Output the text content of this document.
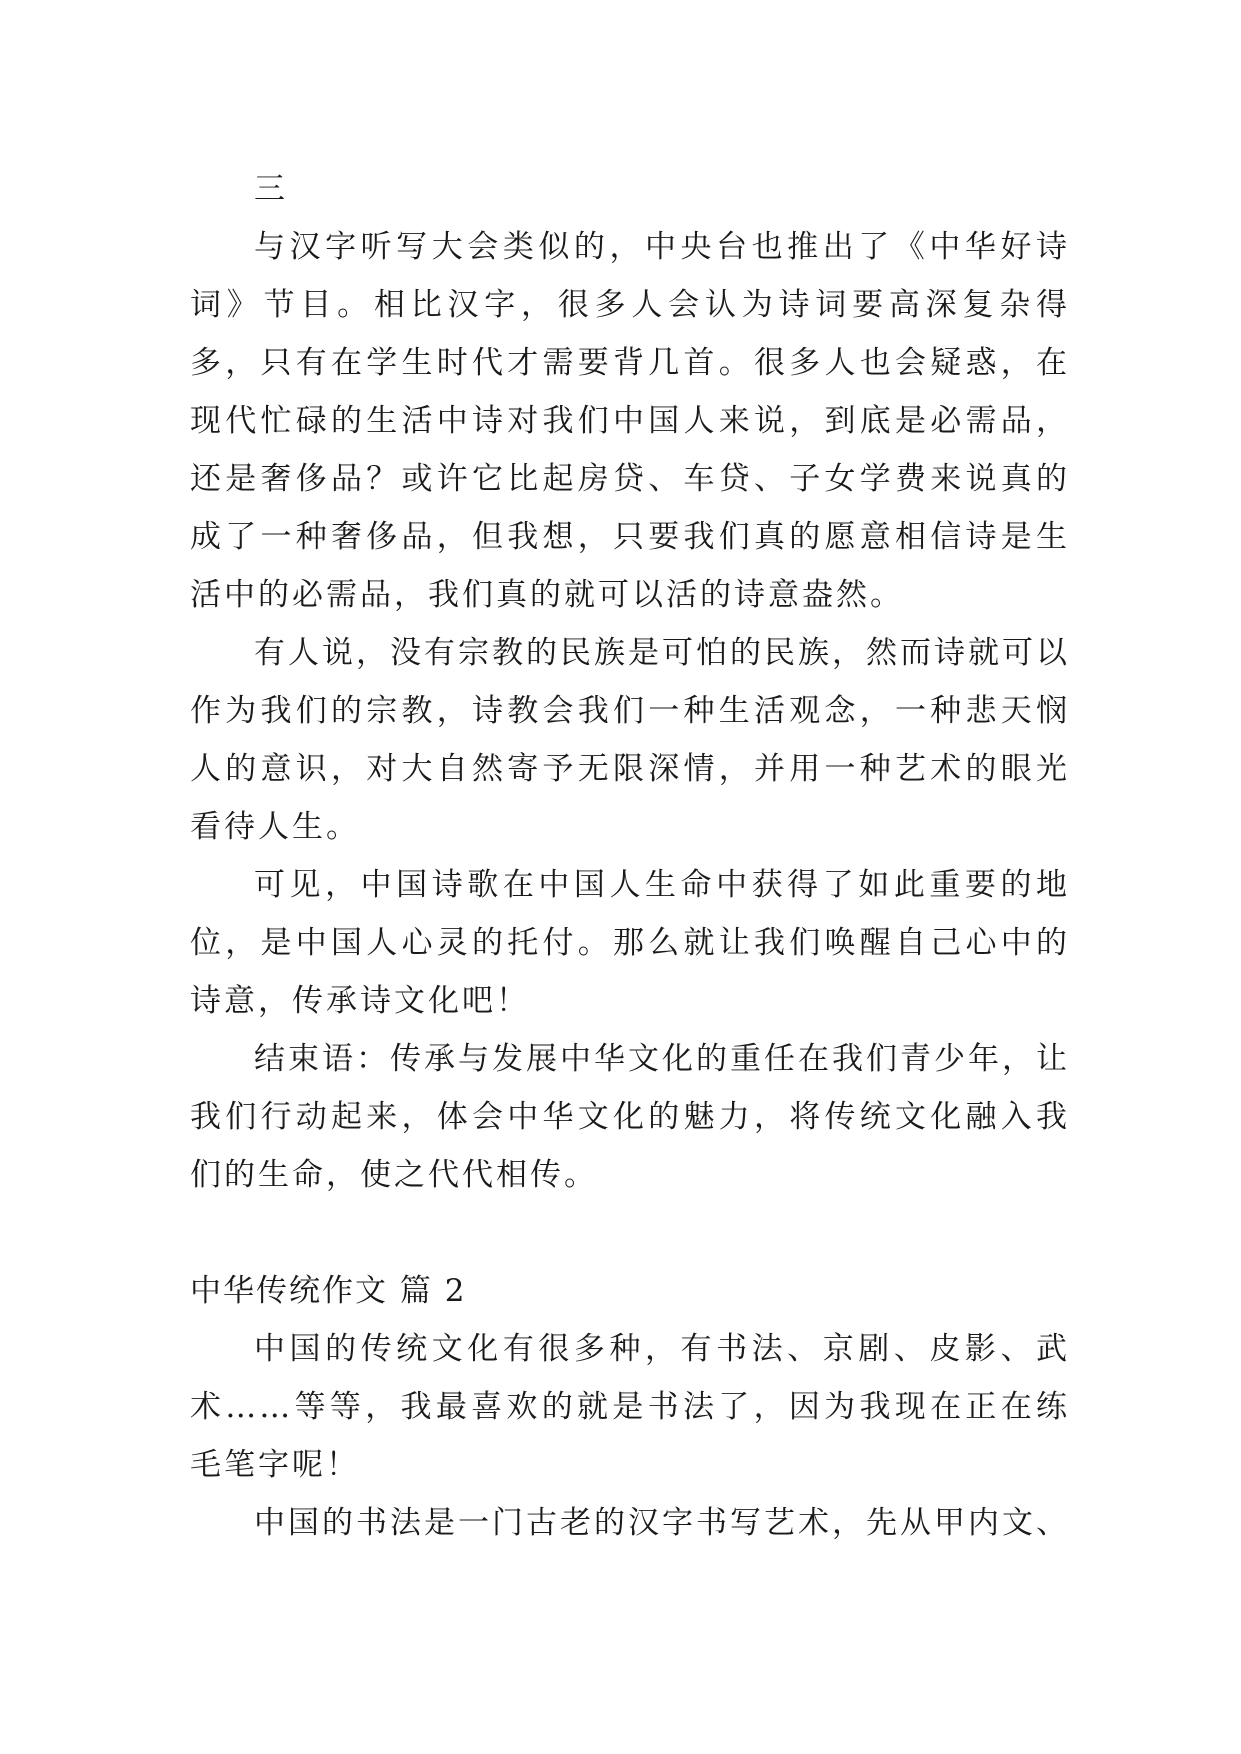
三

与汉字听写大会类似的，中央台也推出了《中华好诗词》节目。相比汉字，很多人会认为诗词要高深复杂得多，只有在学生时代才需要背几首。很多人也会疑惑，在现代忙碌的生活中诗对我们中国人来说，到底是必需品，还是奢侈品？或许它比起房贷、车贷、子女学费来说真的成了一种奢侈品，但我想，只要我们真的愿意相信诗是生活中的必需品，我们真的就可以活的诗意盎然。

有人说，没有宗教的民族是可怕的民族，然而诗就可以作为我们的宗教，诗教会我们一种生活观念，一种悲天悯人的意识，对大自然寄予无限深情，并用一种艺术的眼光看待人生。

可见，中国诗歌在中国人生命中获得了如此重要的地位，是中国人心灵的托付。那么就让我们唤醒自己心中的诗意，传承诗文化吧！

结束语：传承与发展中华文化的重任在我们青少年，让我们行动起来，体会中华文化的魅力，将传统文化融入我们的生命，使之代代相传。

中华传统作文 篇 2

中国的传统文化有很多种，有书法、京剧、皮影、武术……等等，我最喜欢的就是书法了，因为我现在正在练毛笔字呢！

中国的书法是一门古老的汉字书写艺术，先从甲内文、
